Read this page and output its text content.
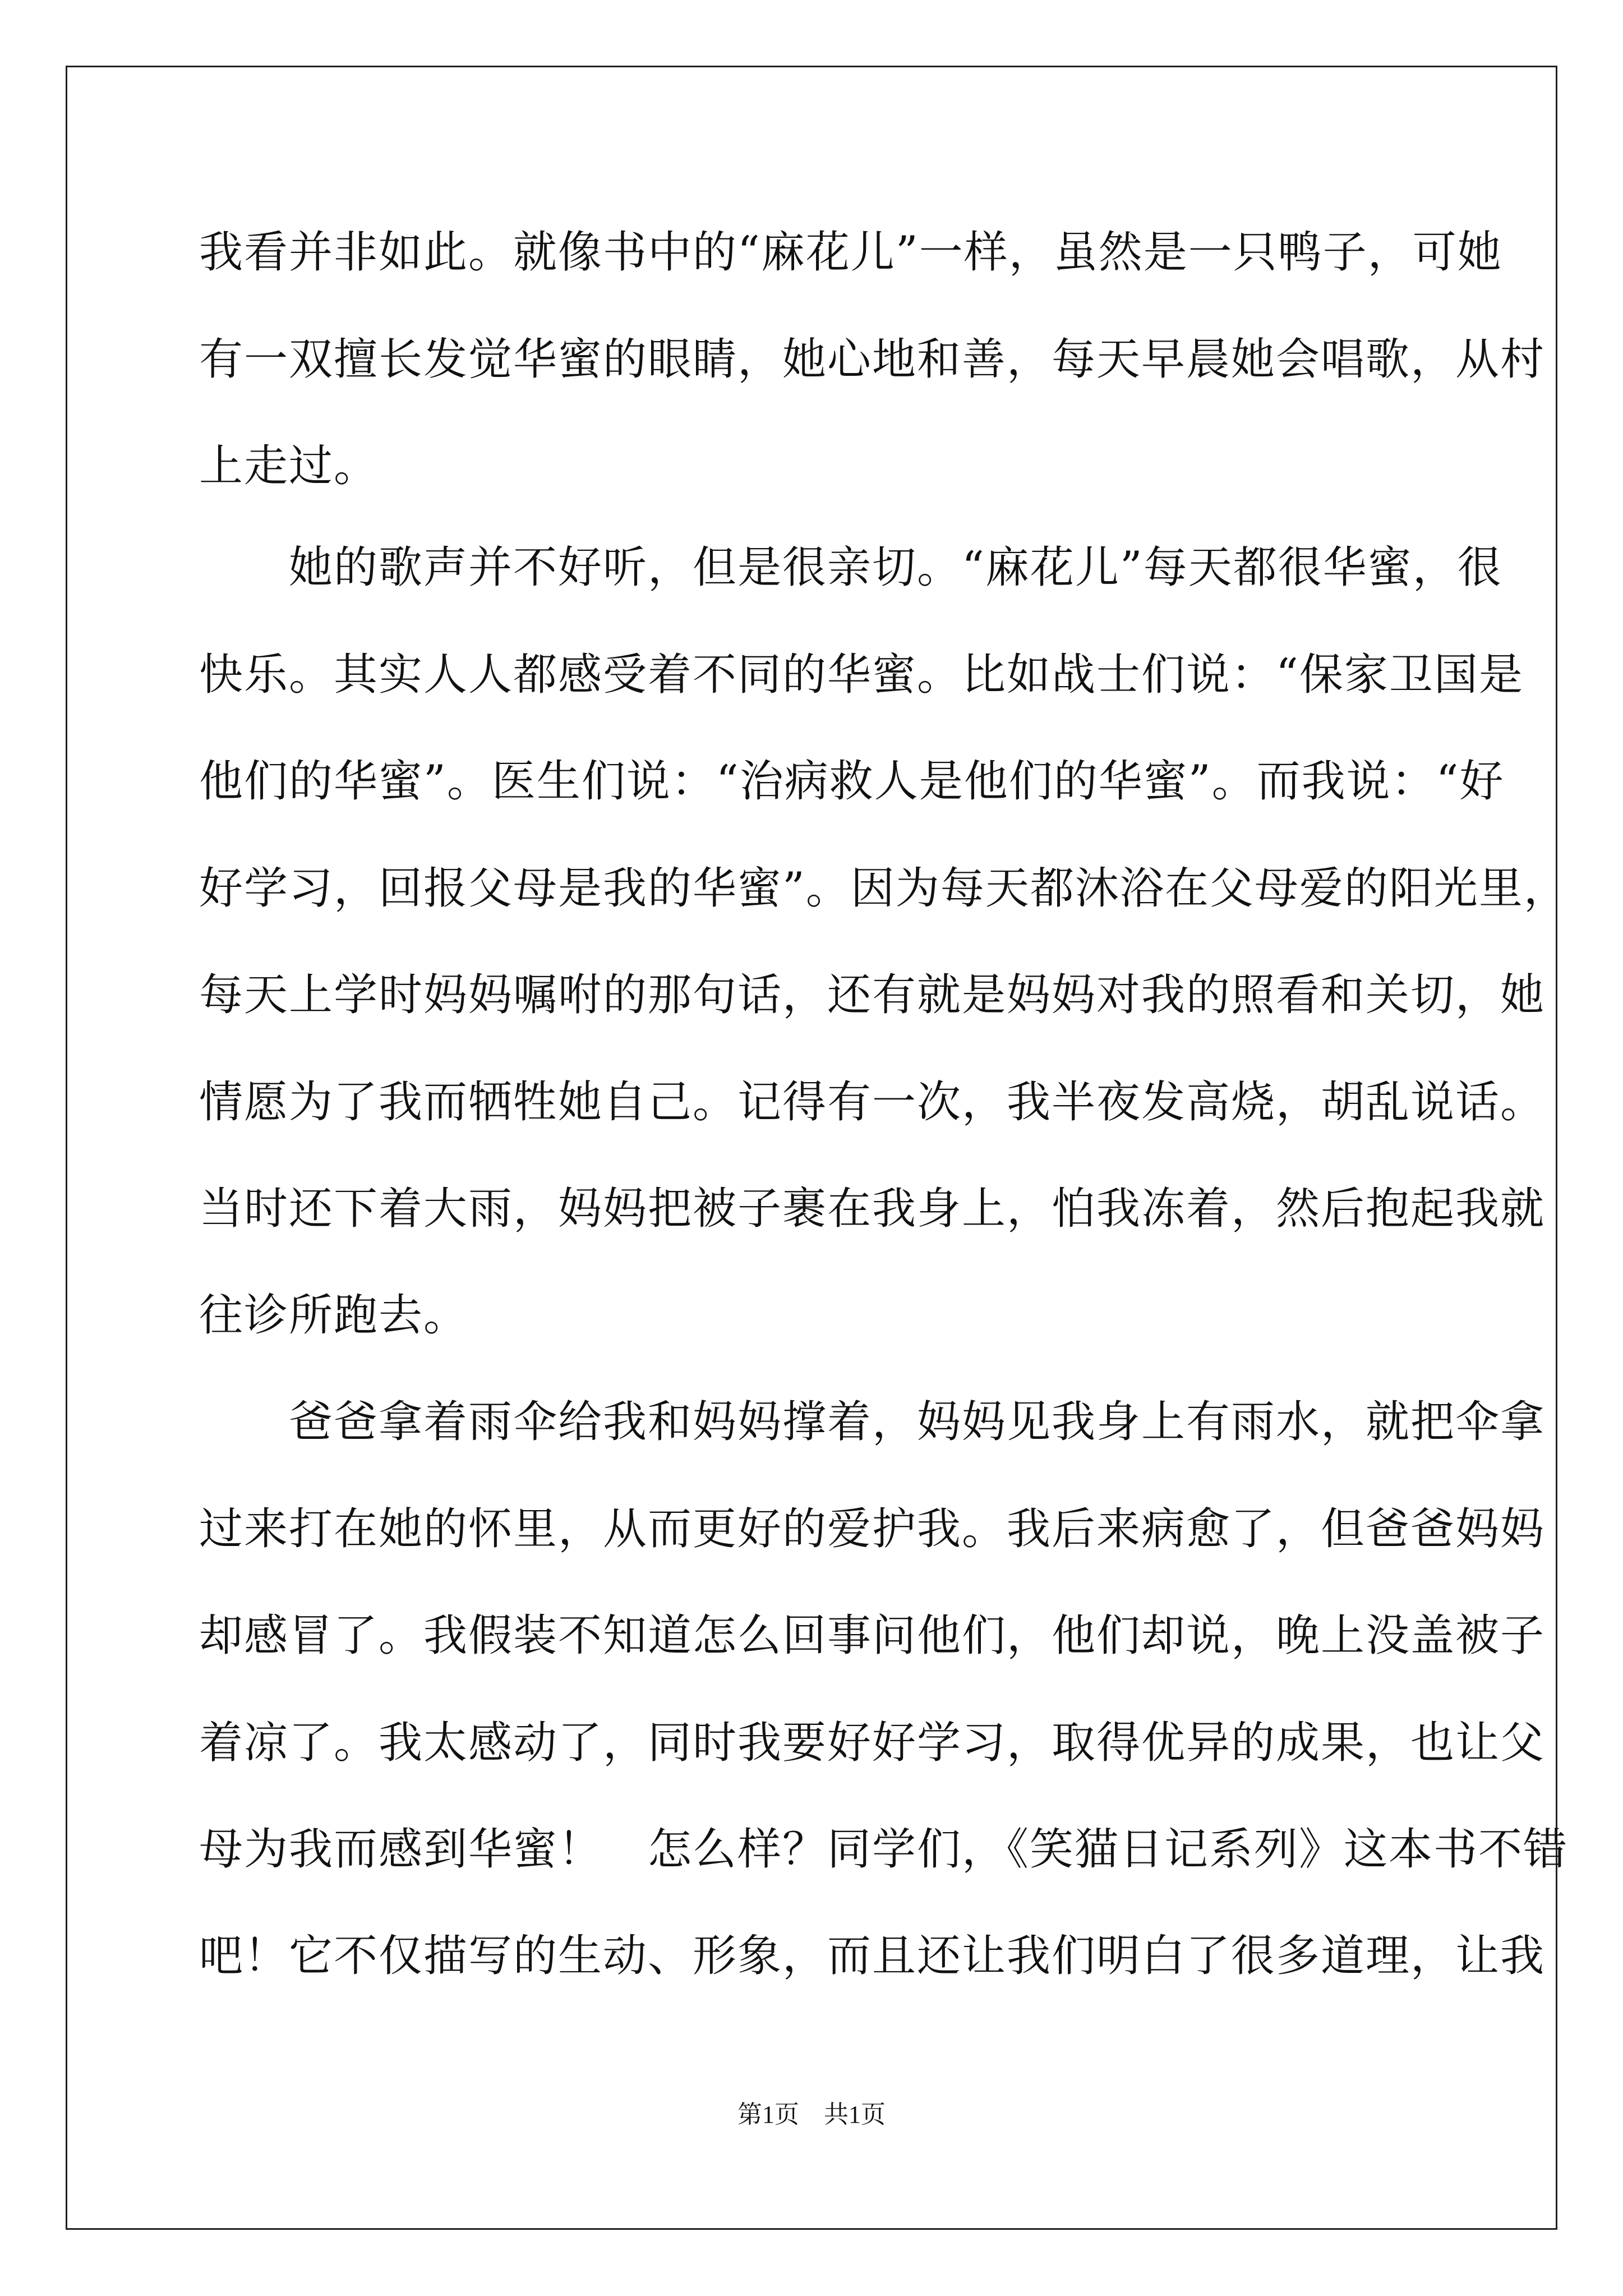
我看并非如此。就像书中的“麻花儿”一样，虽然是一只鸭子，可她
有一双擅长发觉华蜜的眼睛，她心地和善，每天早晨她会唱歌，从村
上走过。
　　她的歌声并不好听，但是很亲切。“麻花儿”每天都很华蜜，很
快乐。其实人人都感受着不同的华蜜。比如战士们说：“保家卫国是
他们的华蜜”。医生们说：“治病救人是他们的华蜜”。而我说：“好
好学习，回报父母是我的华蜜”。因为每天都沐浴在父母爱的阳光里，
每天上学时妈妈嘱咐的那句话，还有就是妈妈对我的照看和关切，她
情愿为了我而牺牲她自己。记得有一次，我半夜发高烧，胡乱说话。
当时还下着大雨，妈妈把被子裹在我身上，怕我冻着，然后抱起我就
往诊所跑去。
　　爸爸拿着雨伞给我和妈妈撑着，妈妈见我身上有雨水，就把伞拿
过来打在她的怀里，从而更好的爱护我。我后来病愈了，但爸爸妈妈
却感冒了。我假装不知道怎么回事问他们，他们却说，晚上没盖被子
着凉了。我太感动了，同时我要好好学习，取得优异的成果，也让父
母为我而感到华蜜！　怎么样？同学们，《笑猫日记系列》这本书不错
吧！它不仅描写的生动、形象，而且还让我们明白了很多道理，让我
第1页　共1页
